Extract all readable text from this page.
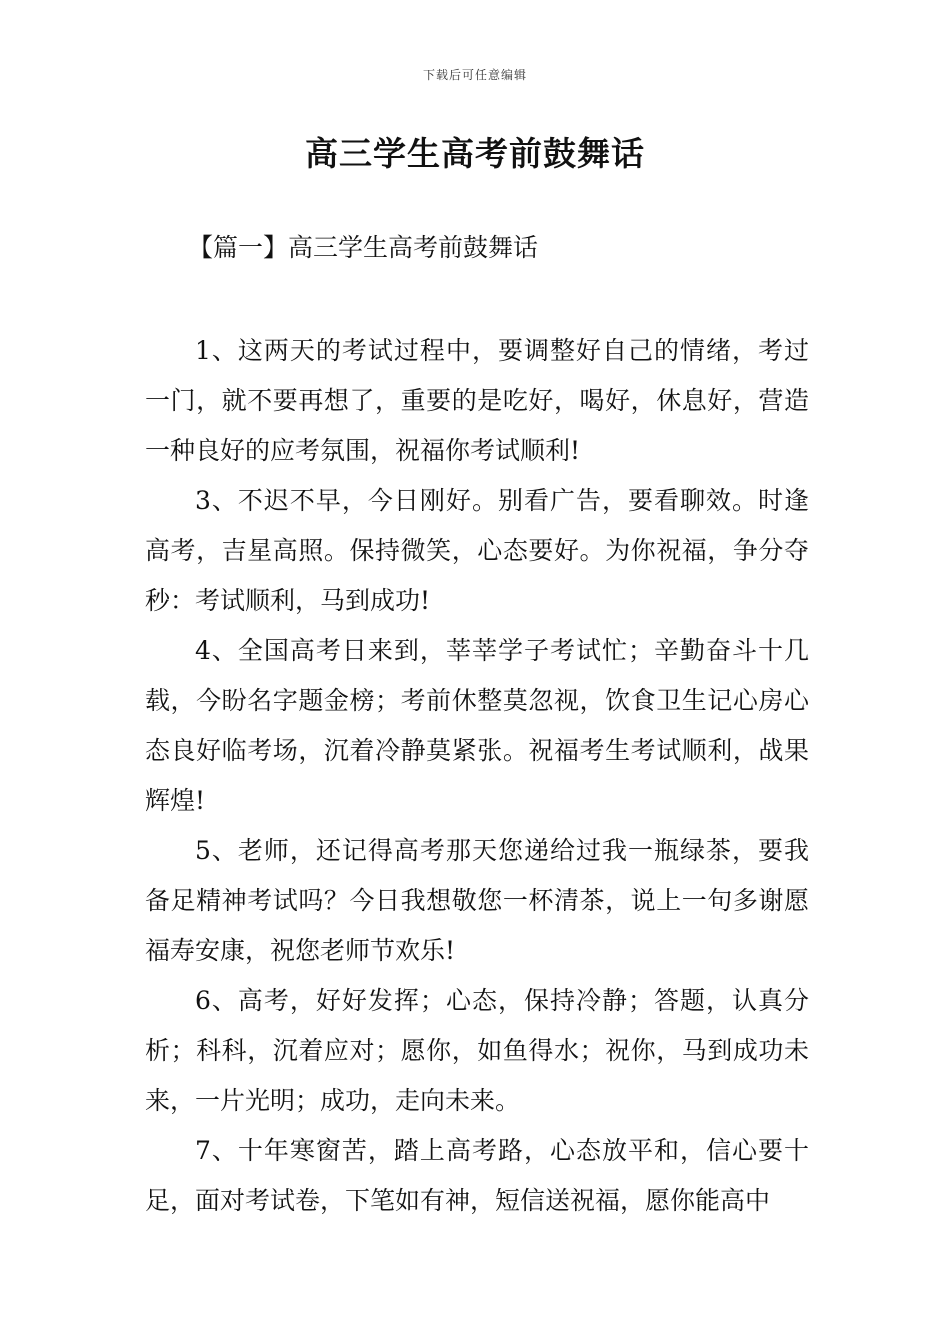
下载后可任意编辑
高三学生高考前鼓舞话
【篇一】高三学生高考前鼓舞话

1、这两天的考试过程中，要调整好自己的情绪，考过一门，就不要再想了，重要的是吃好，喝好，休息好，营造一种良好的应考氛围，祝福你考试顺利!

3、不迟不早，今日刚好。别看广告，要看聊效。时逢高考，吉星高照。保持微笑，心态要好。为你祝福，争分夺秒：考试顺利，马到成功!

4、全国高考日来到，莘莘学子考试忙；辛勤奋斗十几载，今盼名字题金榜；考前休整莫忽视，饮食卫生记心房心态良好临考场，沉着冷静莫紧张。祝福考生考试顺利，战果辉煌!

5、老师，还记得高考那天您递给过我一瓶绿茶，要我备足精神考试吗？今日我想敬您一杯清茶，说上一句多谢愿福寿安康，祝您老师节欢乐!

6、高考，好好发挥；心态，保持冷静；答题，认真分析；科科，沉着应对；愿你，如鱼得水；祝你，马到成功未来，一片光明；成功，走向未来。

7、十年寒窗苦，踏上高考路，心态放平和，信心要十足，面对考试卷，下笔如有神，短信送祝福，愿你能高中
